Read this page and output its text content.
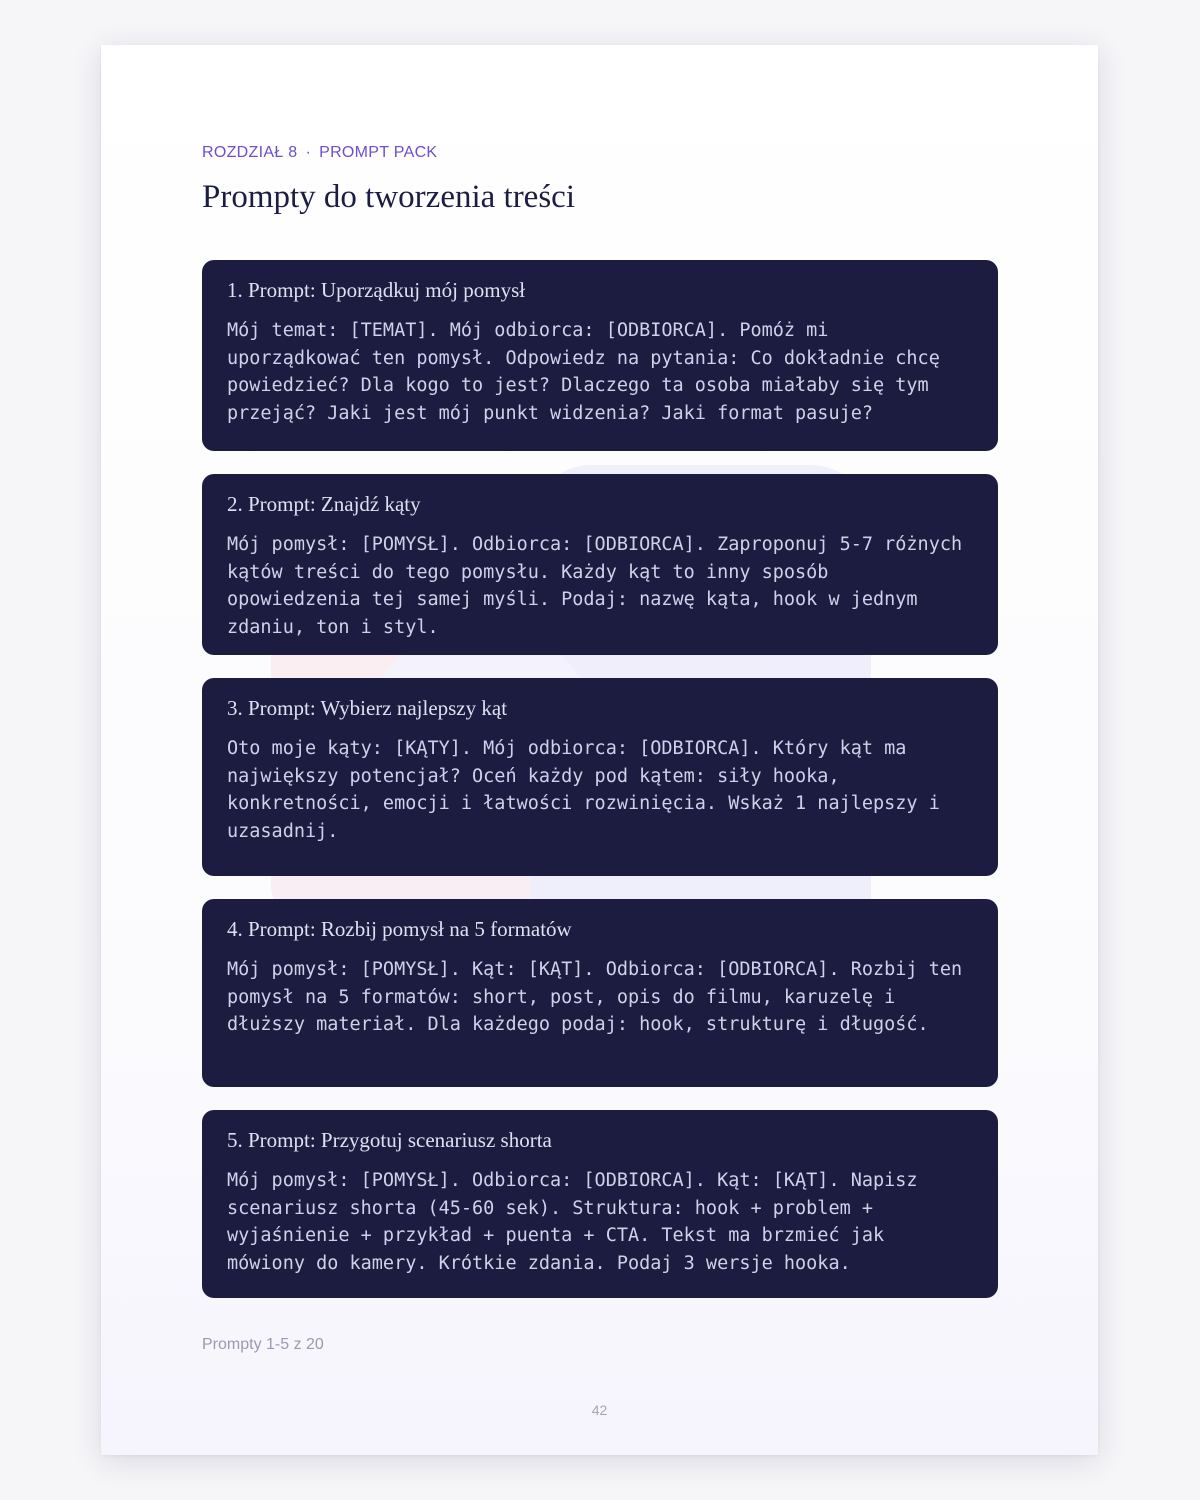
ROZDZIAŁ 8 · PROMPT PACK
Prompty do tworzenia treści
1. Prompt: Uporządkuj mój pomysł

Mój temat: [TEMAT]. Mój odbiorca: [ODBIORCA]. Pomóż mi uporządkować ten pomysł. Odpowiedz na pytania: Co dokładnie chcę powiedzieć? Dla kogo to jest? Dlaczego ta osoba miałaby się tym przejąć? Jaki jest mój punkt widzenia? Jaki format pasuje?

2. Prompt: Znajdź kąty

Mój pomysł: [POMYSŁ]. Odbiorca: [ODBIORCA]. Zaproponuj 5-7 różnych kątów treści do tego pomysłu. Każdy kąt to inny sposób opowiedzenia tej samej myśli. Podaj: nazwę kąta, hook w jednym zdaniu, ton i styl.

3. Prompt: Wybierz najlepszy kąt

Oto moje kąty: [KĄTY]. Mój odbiorca: [ODBIORCA]. Który kąt ma największy potencjał? Oceń każdy pod kątem: siły hooka, konkretności, emocji i łatwości rozwinięcia. Wskaż 1 najlepszy i uzasadnij.

4. Prompt: Rozbij pomysł na 5 formatów

Mój pomysł: [POMYSŁ]. Kąt: [KĄT]. Odbiorca: [ODBIORCA]. Rozbij ten pomysł na 5 formatów: short, post, opis do filmu, karuzelę i dłuższy materiał. Dla każdego podaj: hook, strukturę i długość.

5. Prompt: Przygotuj scenariusz shorta

Mój pomysł: [POMYSŁ]. Odbiorca: [ODBIORCA]. Kąt: [KĄT]. Napisz scenariusz shorta (45-60 sek). Struktura: hook + problem + wyjaśnienie + przykład + puenta + CTA. Tekst ma brzmieć jak mówiony do kamery. Krótkie zdania. Podaj 3 wersje hooka.

Prompty 1-5 z 20
42
